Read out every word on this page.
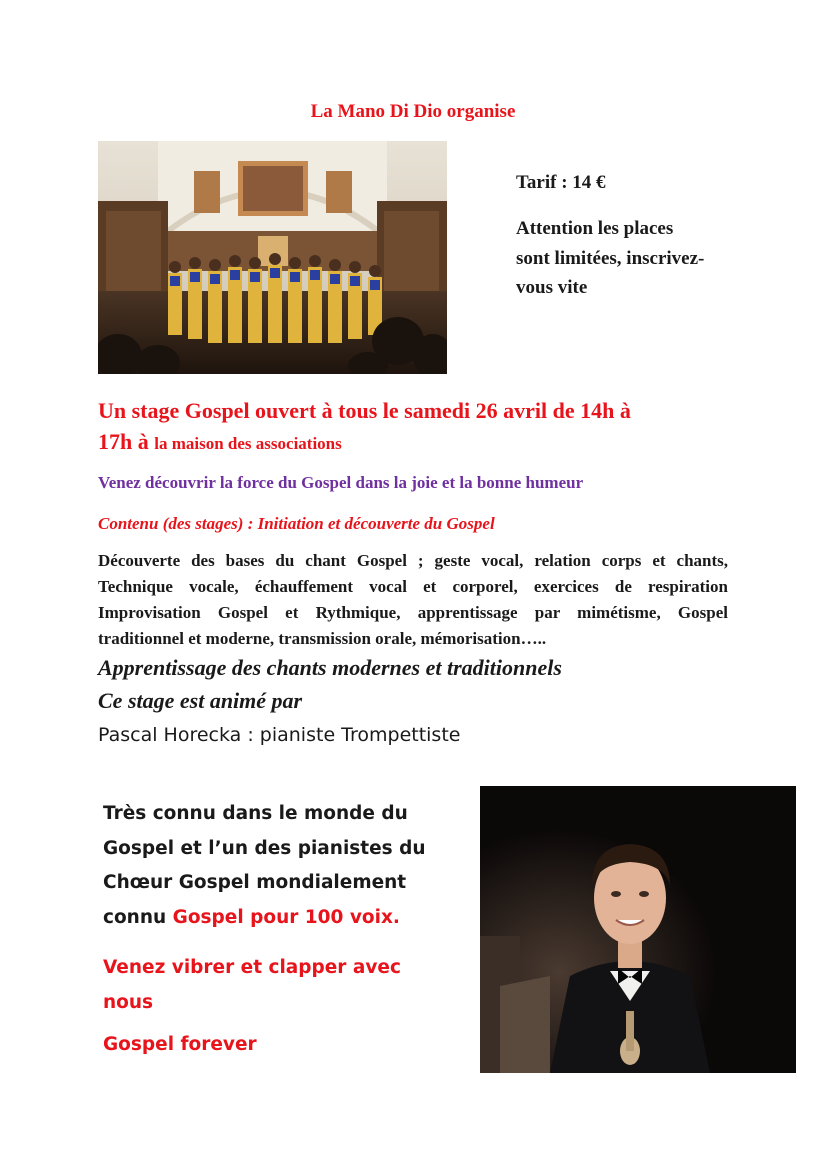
La Mano Di Dio organise
Tarif : 14 €
Attention les places
sont limitées, inscrivez-
vous vite
Un stage Gospel ouvert à tous le samedi 26 avril de 14h à
17h à la maison des associations
Venez découvrir la force du Gospel dans la joie et la bonne humeur
Contenu (des stages) : Initiation et découverte du Gospel
Découverte des bases du chant Gospel ; geste vocal, relation corps et chants,
Technique vocale, échauffement vocal et corporel, exercices de respiration
Improvisation Gospel et Rythmique, apprentissage par mimétisme, Gospel
traditionnel et moderne, transmission orale, mémorisation…..
Apprentissage des chants modernes et traditionnels
Ce stage est animé par
Pascal Horecka : pianiste Trompettiste
Très connu dans le monde du
Gospel et l’un des pianistes du
Chœur Gospel mondialement
connu Gospel pour 100 voix.
Venez vibrer et clapper avec
nous
Gospel forever
